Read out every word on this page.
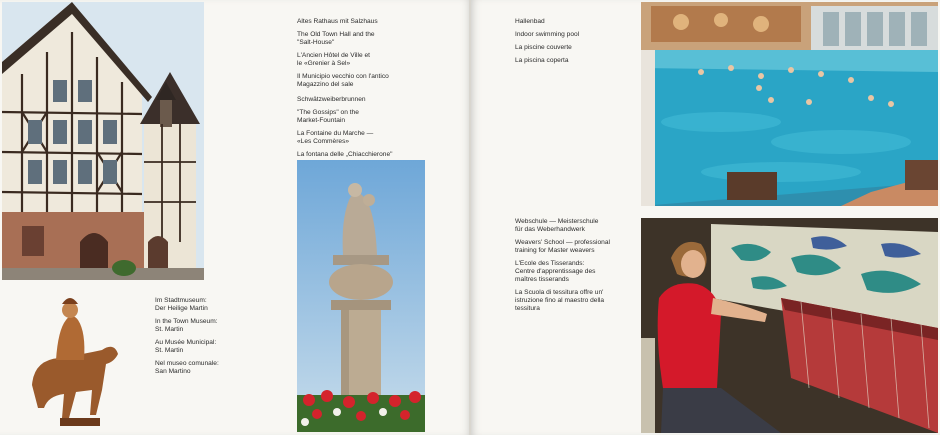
Im Stadtmuseum:
Der Heilige Martin

In the Town Museum:
St. Martin

Au Musée Municipal:
St. Martin

Nel museo comunale:
San Martino

Altes Rathaus mit Salzhaus

The Old Town Hall and the
"Salt-House"

L'Ancien Hôtel de Ville et
le «Grenier à Sel»

Il Municipio vecchio con l'antico
Magazzino del sale

Schwätzweiberbrunnen

"The Gossips" on the
Market-Fountain

La Fontaine du Marche —
«Les Commères»

La fontana delle „Chiacchierone"

Hallenbad

Indoor swimming pool

La piscine couverte

La piscina coperta

Webschule — Meisterschule
für das Weberhandwerk

Weavers' School — professional
training for Master weavers

L'Ecole des Tisserands:
Centre d'apprentissage des
maîtres tisserands

La Scuola di tessitura offre un'
istruzione fino al maestro della
tessitura
